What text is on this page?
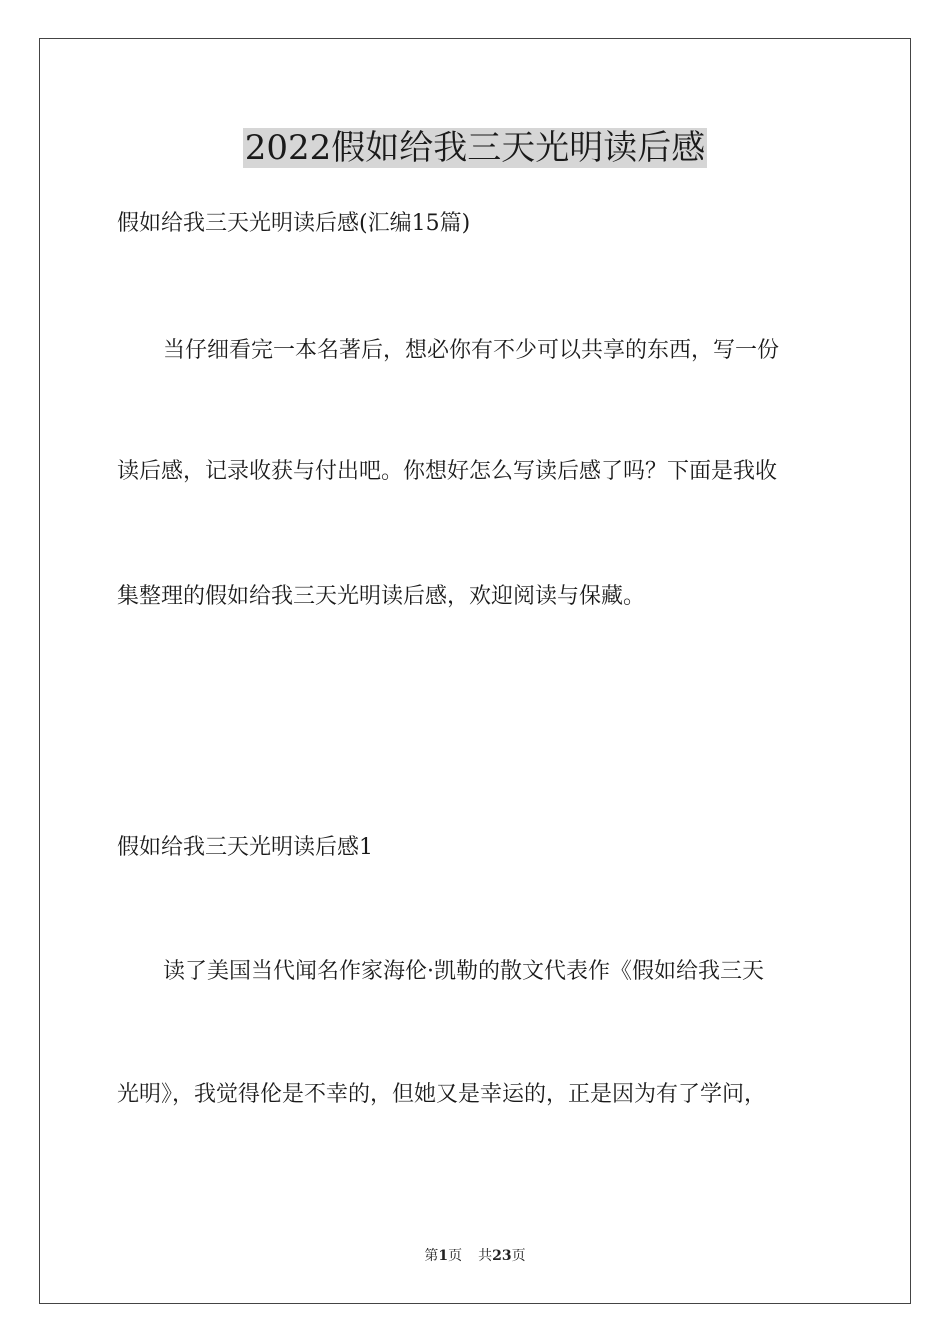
2022假如给我三天光明读后感
假如给我三天光明读后感(汇编15篇)
当仔细看完一本名著后，想必你有不少可以共享的东西，写一份
读后感，记录收获与付出吧。你想好怎么写读后感了吗？下面是我收
集整理的假如给我三天光明读后感，欢迎阅读与保藏。
假如给我三天光明读后感1
读了美国当代闻名作家海伦·凯勒的散文代表作《假如给我三天
光明》，我觉得伦是不幸的，但她又是幸运的，正是因为有了学问，
第1页 共23页
